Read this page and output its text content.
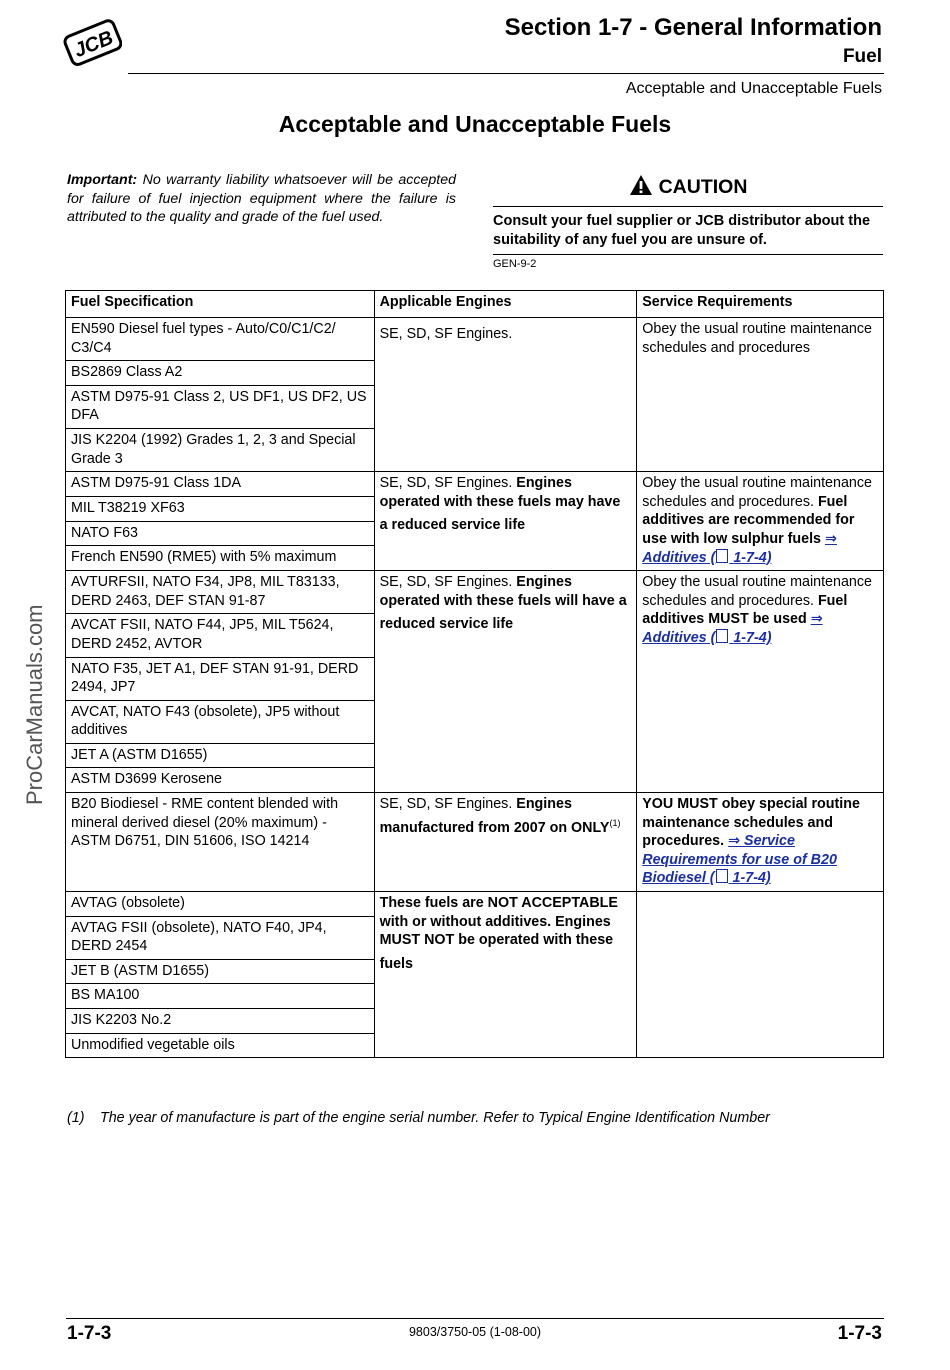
JCB	Section 1-7 - General Information
Fuel
Acceptable and Unacceptable Fuels
Acceptable and Unacceptable Fuels
Important: No warranty liability whatsoever will be accepted for failure of fuel injection equipment where the failure is attributed to the quality and grade of the fuel used.
CAUTION
Consult your fuel supplier or JCB distributor about the suitability of any fuel you are unsure of.
GEN-9-2
Fuel Specification	Applicable Engines	Service Requirements
EN590 Diesel fuel types - Auto/C0/C1/C2/ C3/C4	SE, SD, SF Engines.	Obey the usual routine maintenance schedules and procedures
BS2869 Class A2		
ASTM D975-91 Class 2, US DF1, US DF2, US DFA		
JIS K2204 (1992) Grades 1, 2, 3 and Special Grade 3		
ASTM D975-91 Class 1DA	SE, SD, SF Engines. Engines operated with these fuels may have a reduced service life	Obey the usual routine maintenance schedules and procedures. Fuel additives are recommended for use with low sulphur fuels ⇒ Additives ( 1-7-4)
MIL T38219 XF63		
NATO F63		
French EN590 (RME5) with 5% maximum		
AVTURFSII, NATO F34, JP8, MIL T83133, DERD 2463, DEF STAN 91-87	SE, SD, SF Engines. Engines operated with these fuels will have a reduced service life	Obey the usual routine maintenance schedules and procedures. Fuel additives MUST be used ⇒ Additives ( 1-7-4)
AVCAT FSII, NATO F44, JP5, MIL T5624, DERD 2452, AVTOR		
NATO F35, JET A1, DEF STAN 91-91, DERD 2494, JP7		
AVCAT, NATO F43 (obsolete), JP5 without additives		
JET A (ASTM D1655)		
ASTM D3699 Kerosene		
B20 Biodiesel - RME content blended with mineral derived diesel (20% maximum) - ASTM D6751, DIN 51606, ISO 14214	SE, SD, SF Engines. Engines manufactured from 2007 on ONLY$^{(1)}$	YOU MUST obey special routine maintenance schedules and procedures. ⇒ Service Requirements for use of B20 Biodiesel ( 1-7-4)
AVTAG (obsolete)	These fuels are NOT ACCEPTABLE with or without additives. Engines MUST NOT be operated with these fuels	
AVTAG FSII (obsolete), NATO F40, JP4, DERD 2454		
JET B (ASTM D1655)		
BS MA100		
JIS K2203 No.2		
Unmodified vegetable oils		
(1) The year of manufacture is part of the engine serial number. Refer to Typical Engine Identification Number
ProCarManuals.com
1-7-3	9803/3750-05 (1-08-00)	1-7-3
